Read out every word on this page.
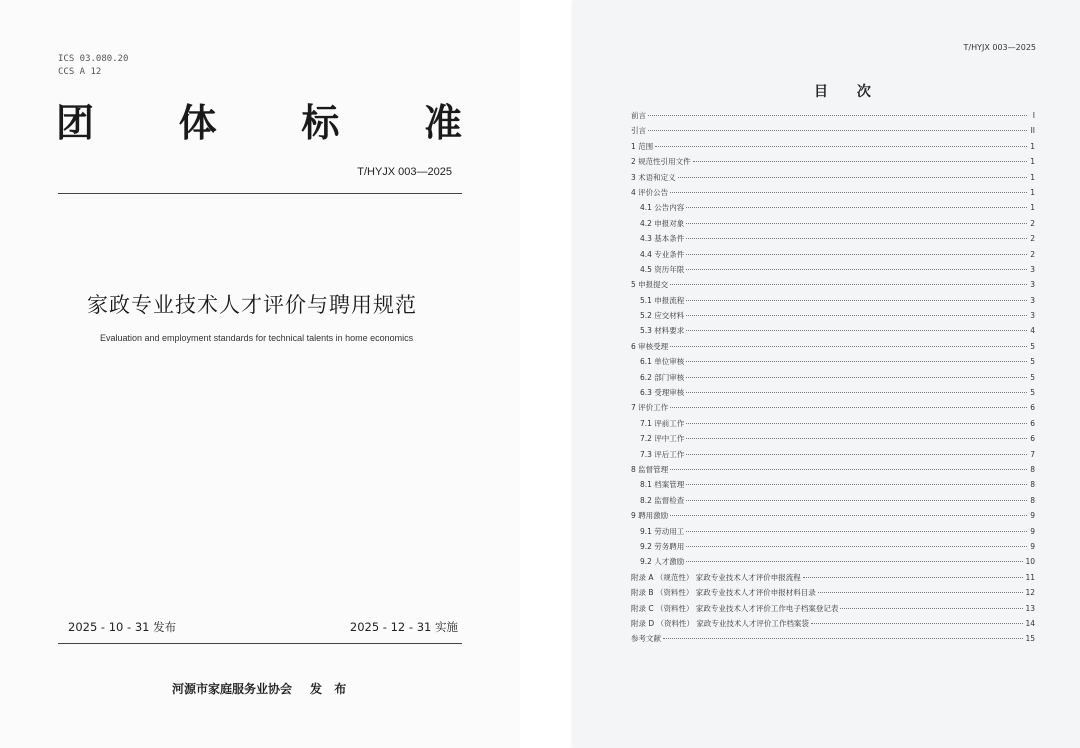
ICS 03.080.20
CCS A 12
团 体 标 准
T/HYJX 003—2025
家政专业技术人才评价与聘用规范
Evaluation and employment standards for technical talents in home economics
2025 - 10 - 31 发布	2025 - 12 - 31 实施
河源市家庭服务业协会 发 布
T/HYJX 003—2025
目 次
前言	I
引言	II
1 范围	1
2 规范性引用文件	1
3 术语和定义	1
4 评价公告	1
4.1 公告内容	1
4.2 申报对象	2
4.3 基本条件	2
4.4 专业条件	2
4.5 资历年限	3
5 申报提交	3
5.1 申报流程	3
5.2 应交材料	3
5.3 材料要求	4
6 审核受理	5
6.1 单位审核	5
6.2 部门审核	5
6.3 受理审核	5
7 评价工作	6
7.1 评前工作	6
7.2 评中工作	6
7.3 评后工作	7
8 监督管理	8
8.1 档案管理	8
8.2 监督检查	8
9 聘用激励	9
9.1 劳动用工	9
9.2 劳务聘用	9
9.2 人才激励	10
附录 A （规范性） 家政专业技术人才评价申报流程	11
附录 B （资料性） 家政专业技术人才评价申报材料目录	12
附录 C （资料性） 家政专业技术人才评价工作电子档案登记表	13
附录 D （资料性） 家政专业技术人才评价工作档案袋	14
参考文献	15
